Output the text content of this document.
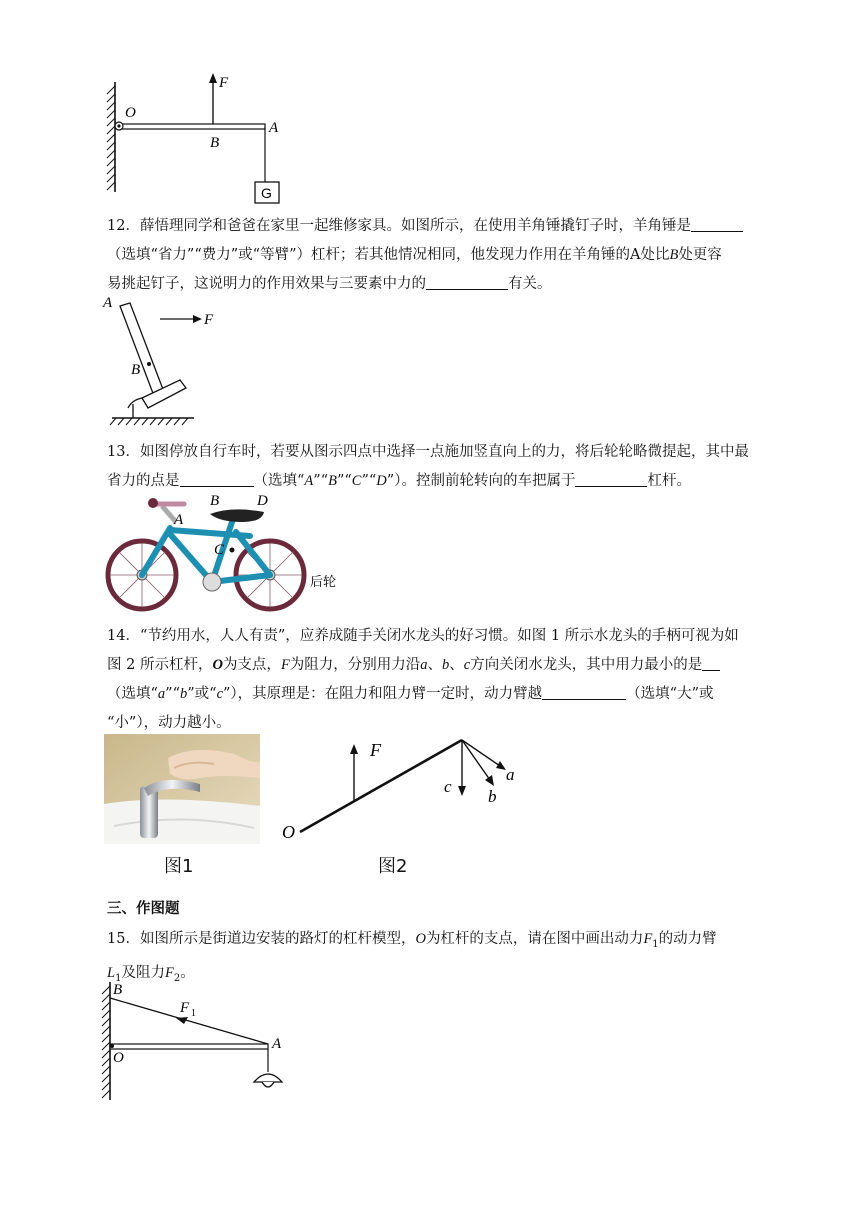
O
F
B
A
G
12．薛悟理同学和爸爸在家里一起维修家具。如图所示，在使用羊角锤撬钉子时，羊角锤是
（选填“省力”“费力”或“等臂”）杠杆；若其他情况相同，他发现力作用在羊角锤的A处比B处更容
易挑起钉子，这说明力的作用效果与三要素中力的	有关。
A
F
B
13．如图停放自行车时，若要从图示四点中选择一点施加竖直向上的力，将后轮轮略微提起，其中最
省力的点是	（选填“A”“B”“C”“D”）。控制前轮转向的车把属于	杠杆。
B	D
A
C
后轮
14．“节约用水，人人有责”，应养成随手关闭水龙头的好习惯。如图 1 所示水龙头的手柄可视为如
图 2 所示杠杆，O为支点，F为阻力，分别用力沿a、b、c方向关闭水龙头，其中用力最小的是
（选填“a”“b”或“c”），其原理是：在阻力和阻力臂一定时，动力臂越	（选填“大”或
“小”），动力越小。
图1
F
c
b
a
O
图2
三、作图题
15．如图所示是街道边安装的路灯的杠杆模型，O为杠杆的支点，请在图中画出动力$F_1$的动力臂
$L_1$及阻力$F_2$。
B
F 1
O
A
